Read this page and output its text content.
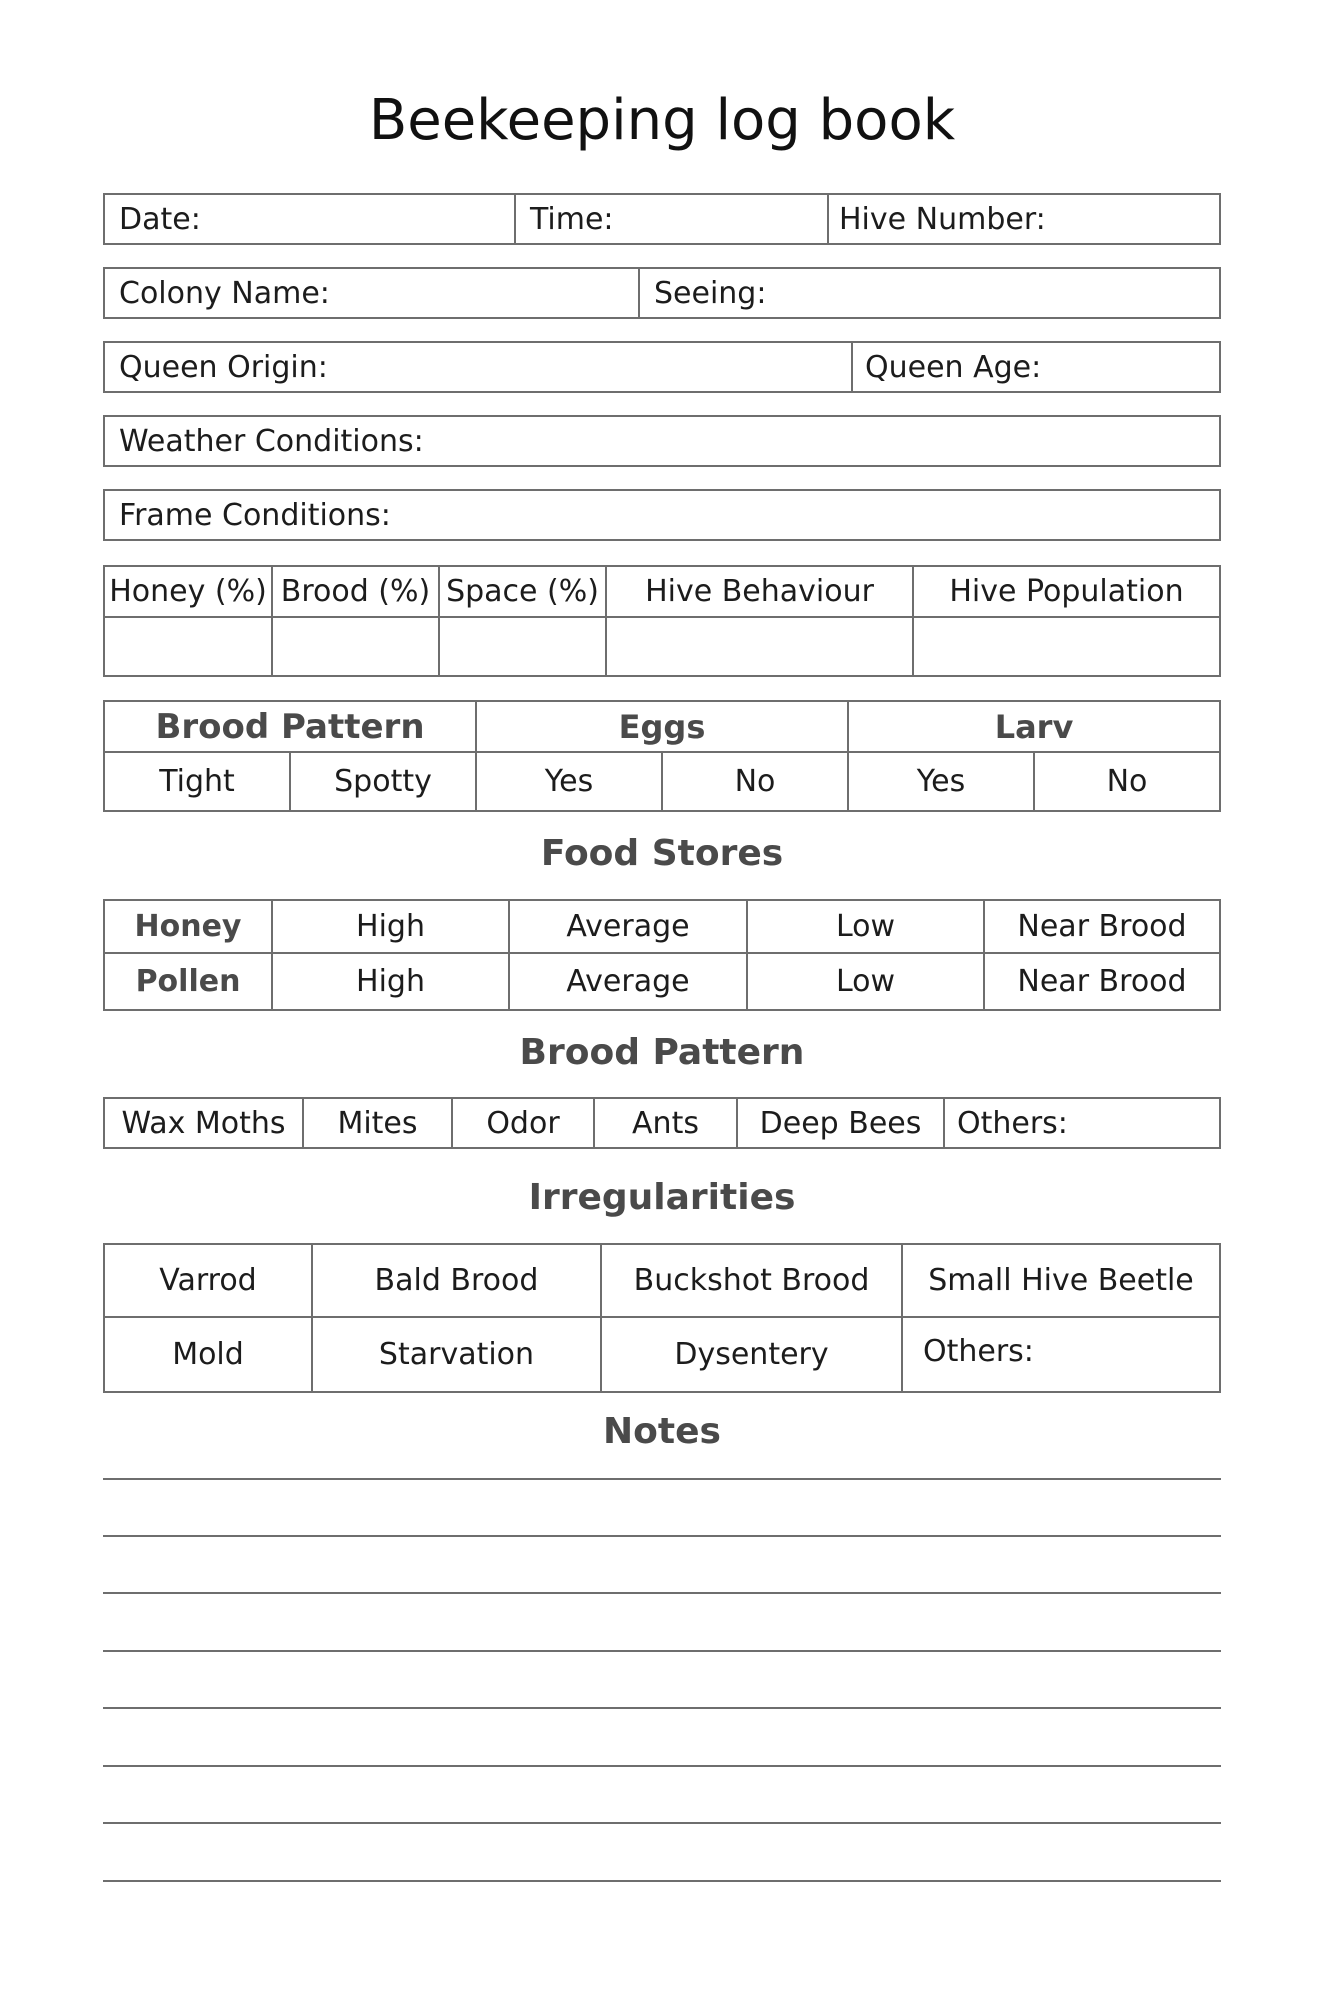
Beekeeping log book
Date:	Time:	Hive Number:
Colony Name:	Seeing:
Queen Origin:	Queen Age:
Weather Conditions:
Frame Conditions:
Honey (%) Brood (%) Space (%)	Hive Behaviour	Hive Population
Brood Pattern	Eggs	Larv
Tight	Spotty	Yes	No	Yes	No
Food Stores
Honey	High	Average	Low	Near Brood
Pollen	High	Average	Low	Near Brood
Brood Pattern
Wax Moths	Mites	Odor	Ants	Deep Bees	Others:
Irregularities
Varrod	Bald Brood	Buckshot Brood	Small Hive Beetle
Mold	Starvation	Dysentery	Others:
Notes
